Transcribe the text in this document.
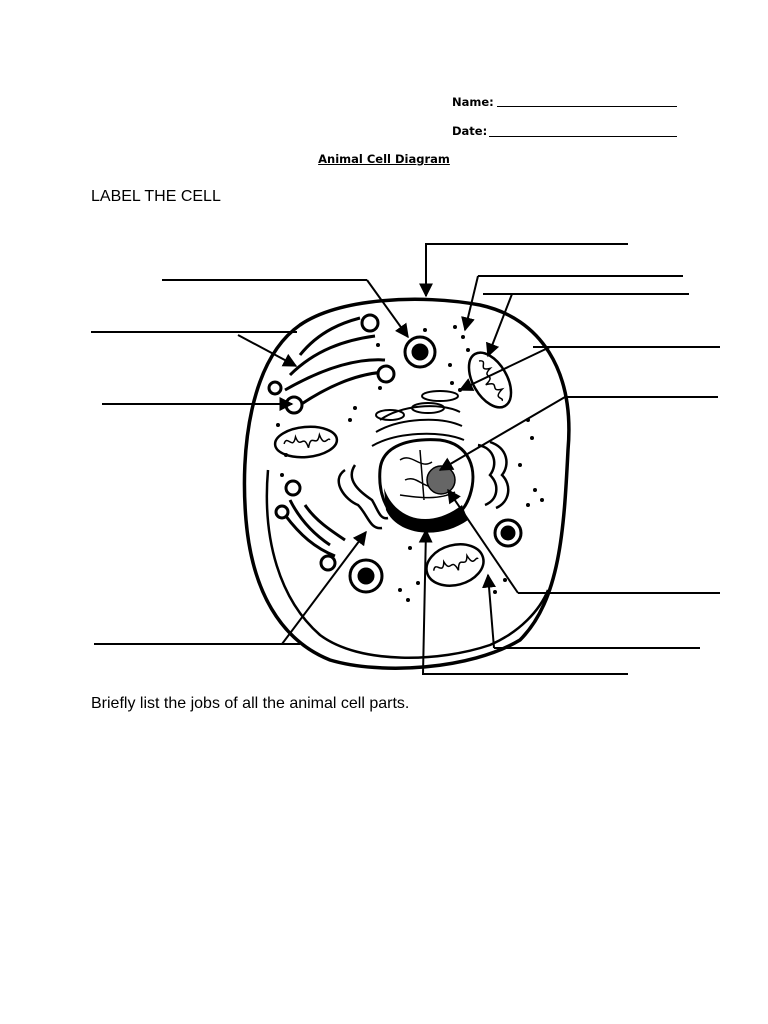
Name:
Date:
Animal Cell Diagram
LABEL THE CELL
Briefly list the jobs of all the animal cell parts.
